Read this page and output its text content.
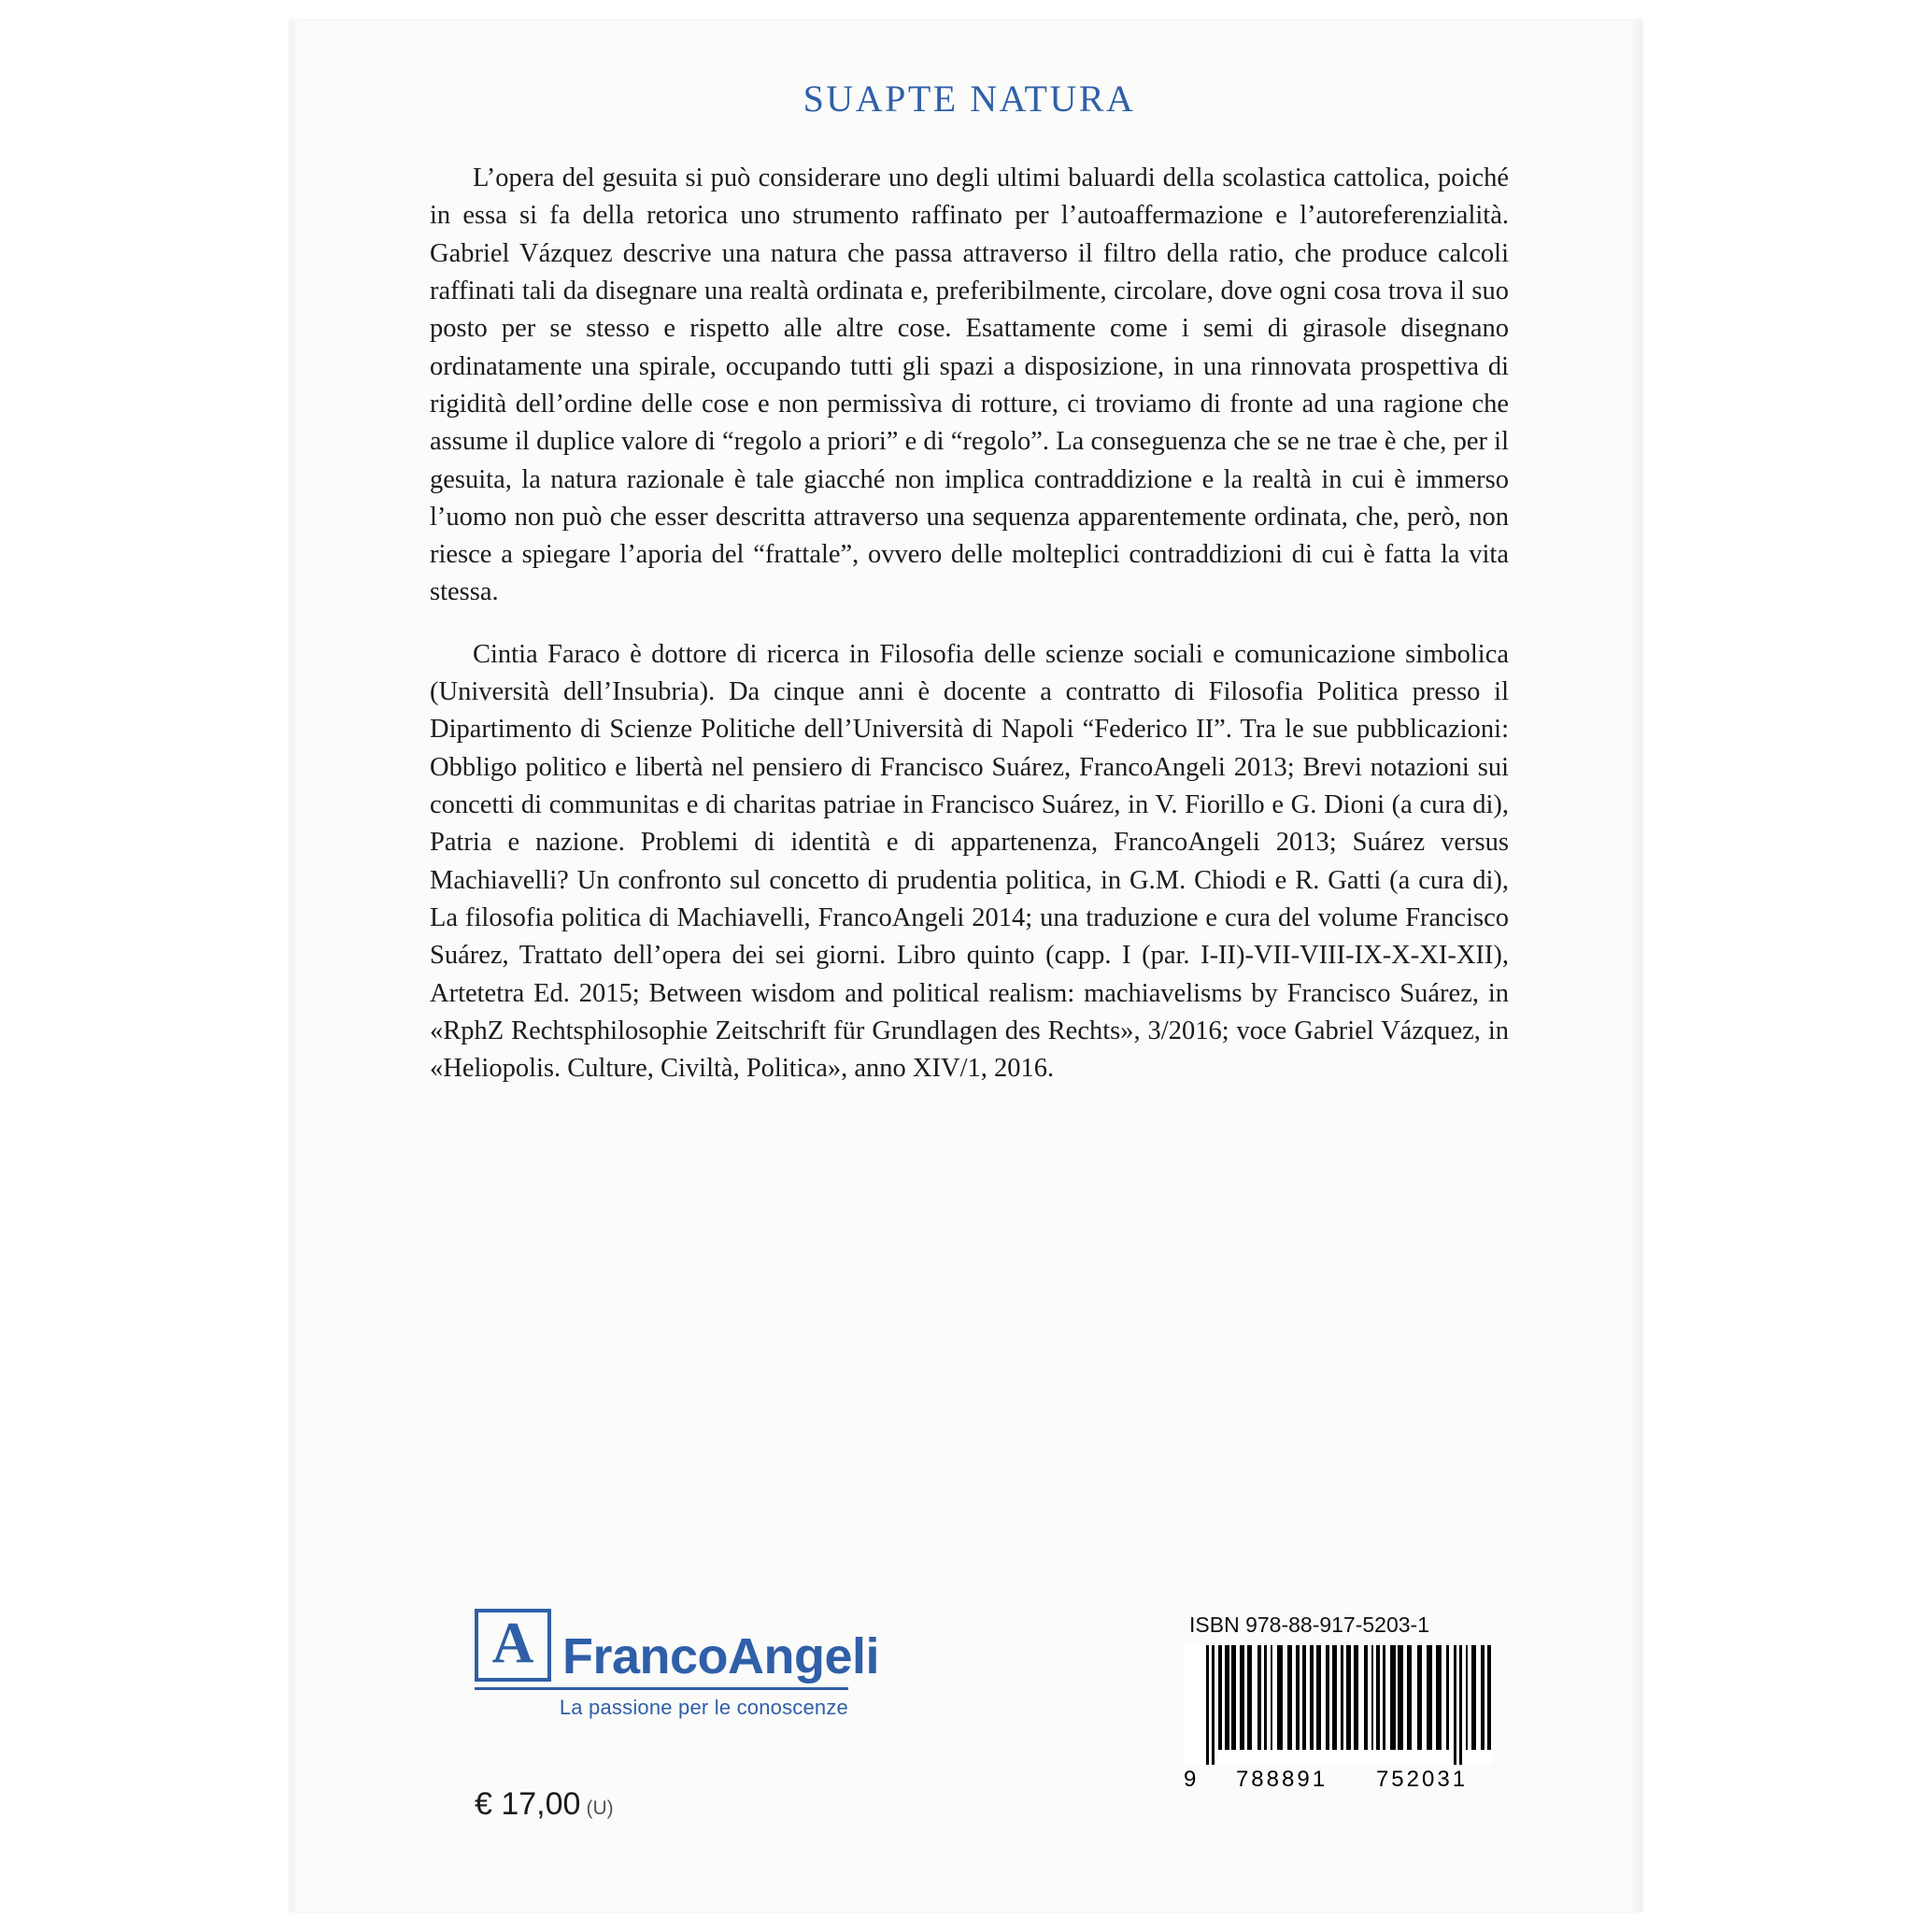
SUAPTE NATURA

L’opera del gesuita si può considerare uno degli ultimi baluardi della scolastica cattolica, poiché in essa si fa della retorica uno strumento raffinato per l’autoaffermazione e l’autoreferenzialità. Gabriel Vázquez descrive una natura che passa attraverso il filtro della ratio, che produce calcoli raffinati tali da disegnare una realtà ordinata e, preferibilmente, circolare, dove ogni cosa trova il suo posto per se stesso e rispetto alle altre cose. Esattamente come i semi di girasole disegnano ordinatamente una spirale, occupando tutti gli spazi a disposizione, in una rinnovata prospettiva di rigidità dell’ordine delle cose e non permissìva di rotture, ci troviamo di fronte ad una ragione che assume il duplice valore di “regolo a priori” e di “regolo”. La conseguenza che se ne trae è che, per il gesuita, la natura razionale è tale giacché non implica contraddizione e la realtà in cui è immerso l’uomo non può che esser descritta attraverso una sequenza apparentemente ordinata, che, però, non riesce a spiegare l’aporia del “frattale”, ovvero delle molteplici contraddizioni di cui è fatta la vita stessa.

Cintia Faraco è dottore di ricerca in Filosofia delle scienze sociali e comunicazione simbolica (Università dell’Insubria). Da cinque anni è docente a contratto di Filosofia Politica presso il Dipartimento di Scienze Politiche dell’Università di Napoli “Federico II”. Tra le sue pubblicazioni: Obbligo politico e libertà nel pensiero di Francisco Suárez, FrancoAngeli 2013; Brevi notazioni sui concetti di communitas e di charitas patriae in Francisco Suárez, in V. Fiorillo e G. Dioni (a cura di), Patria e nazione. Problemi di identità e di appartenenza, FrancoAngeli 2013; Suárez versus Machiavelli? Un confronto sul concetto di prudentia politica, in G.M. Chiodi e R. Gatti (a cura di), La filosofia politica di Machiavelli, FrancoAngeli 2014; una traduzione e cura del volume Francisco Suárez, Trattato dell’opera dei sei giorni. Libro quinto (capp. I (par. I-II)-VII-VIII-IX-X-XI-XII), Artetetra Ed. 2015; Between wisdom and political realism: machiavelisms by Francisco Suárez, in «RphZ Rechtsphilosophie Zeitschrift für Grundlagen des Rechts», 3/2016; voce Gabriel Vázquez, in «Heliopolis. Culture, Civiltà, Politica», anno XIV/1, 2016.

A FrancoAngeli
La passione per le conoscenze
€ 17,00 (U)
ISBN 978-88-917-5203-1
9	788891	752031
